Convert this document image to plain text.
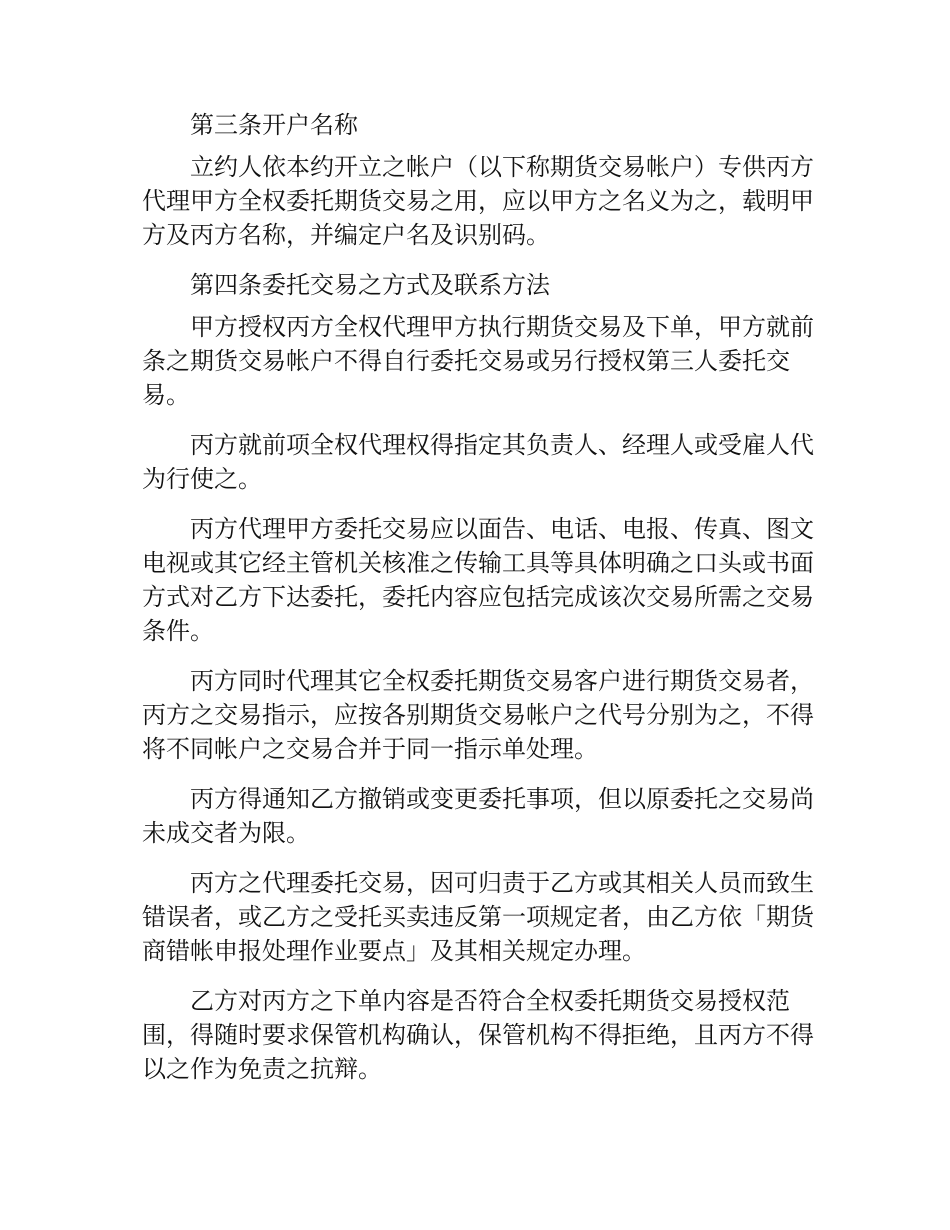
第三条开户名称

立约人依本约开立之帐户（以下称期货交易帐户）专供丙方代理甲方全权委托期货交易之用，应以甲方之名义为之，载明甲方及丙方名称，并编定户名及识别码。

第四条委托交易之方式及联系方法

甲方授权丙方全权代理甲方执行期货交易及下单，甲方就前条之期货交易帐户不得自行委托交易或另行授权第三人委托交易。

丙方就前项全权代理权得指定其负责人、经理人或受雇人代为行使之。

丙方代理甲方委托交易应以面告、电话、电报、传真、图文电视或其它经主管机关核准之传输工具等具体明确之口头或书面方式对乙方下达委托，委托内容应包括完成该次交易所需之交易条件。

丙方同时代理其它全权委托期货交易客户进行期货交易者，丙方之交易指示，应按各别期货交易帐户之代号分别为之，不得将不同帐户之交易合并于同一指示单处理。

丙方得通知乙方撤销或变更委托事项，但以原委托之交易尚未成交者为限。

丙方之代理委托交易，因可归责于乙方或其相关人员而致生错误者，或乙方之受托买卖违反第一项规定者，由乙方依「期货商错帐申报处理作业要点」及其相关规定办理。

乙方对丙方之下单内容是否符合全权委托期货交易授权范围，得随时要求保管机构确认，保管机构不得拒绝，且丙方不得以之作为免责之抗辩。
